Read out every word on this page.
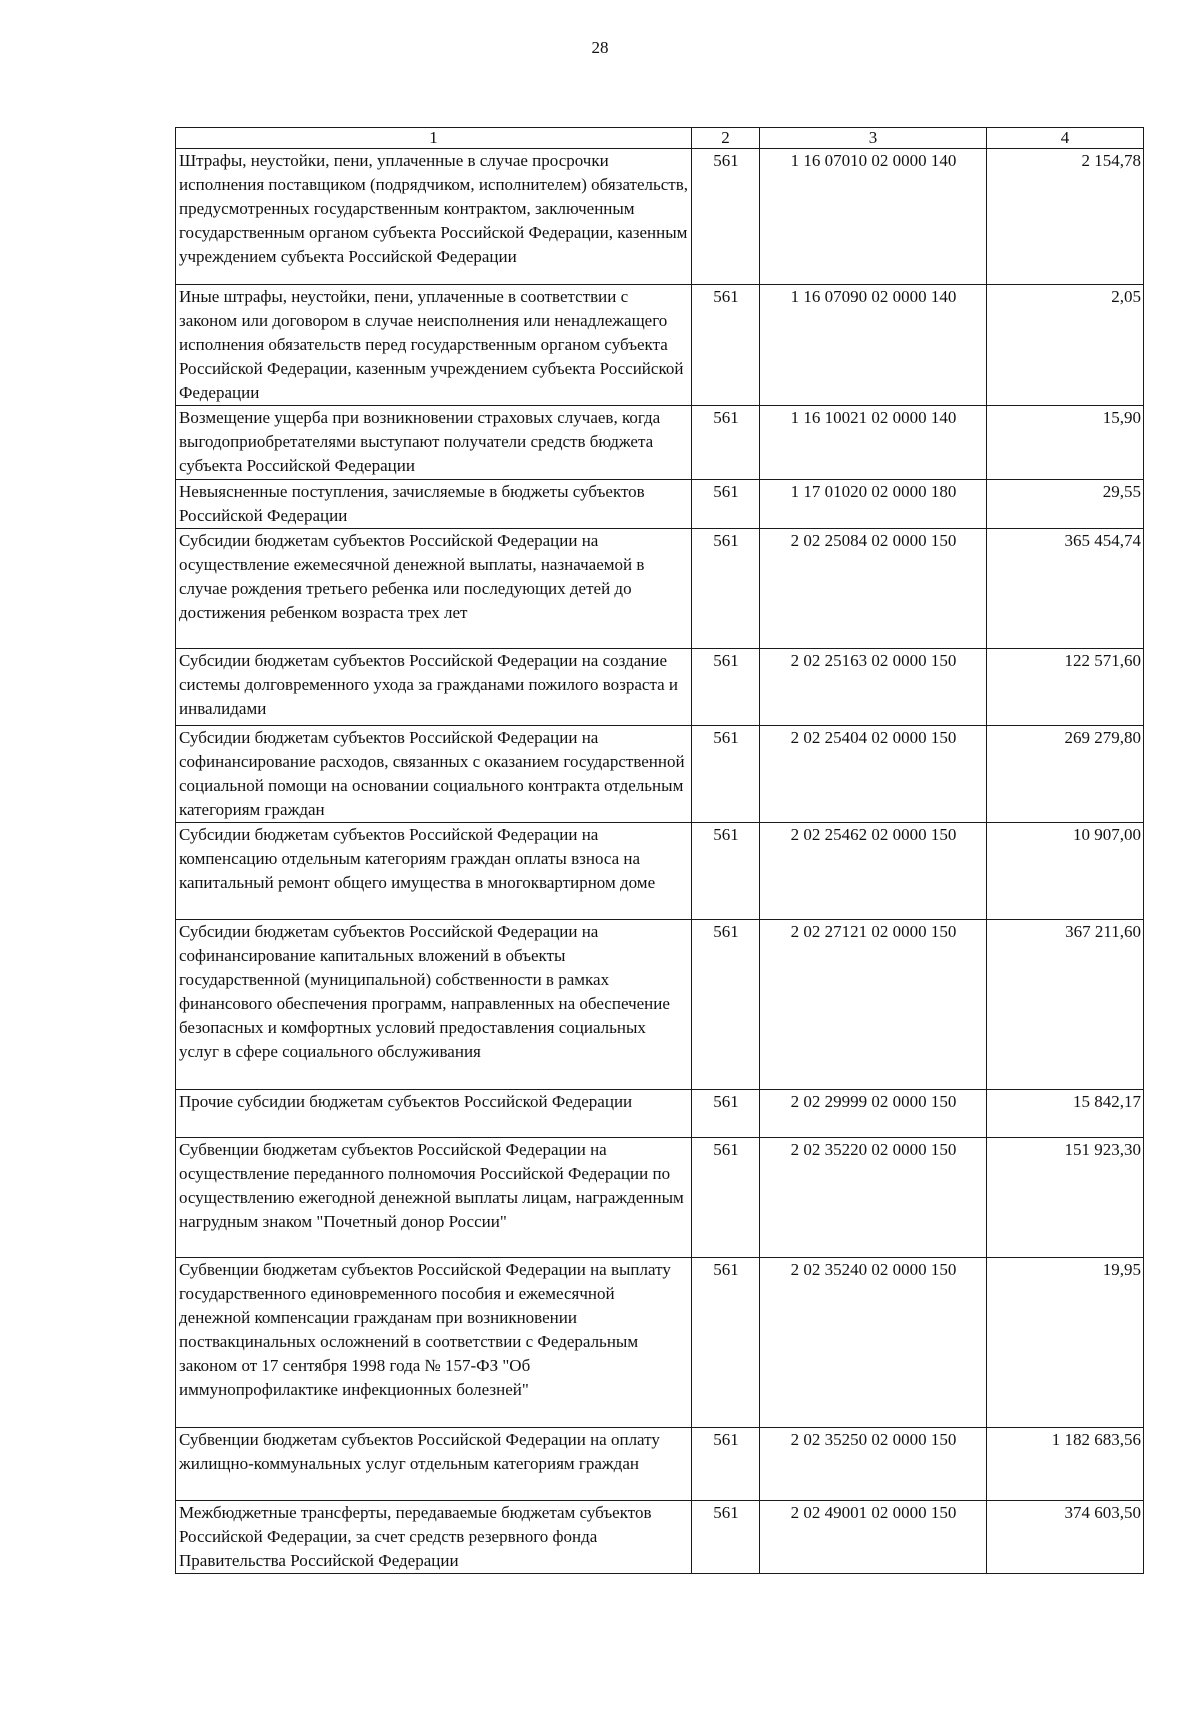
28
1	2	3	4
Штрафы, неустойки, пени, уплаченные в случае просрочки исполнения поставщиком (подрядчиком, исполнителем) обязательств, предусмотренных государственным контрактом, заключенным государственным органом субъекта Российской Федерации, казенным учреждением субъекта Российской Федерации	561	1 16 07010 02 0000 140	2 154,78
Иные штрафы, неустойки, пени, уплаченные в соответствии с законом или договором в случае неисполнения или ненадлежащего исполнения обязательств перед государственным органом субъекта Российской Федерации, казенным учреждением субъекта Российской Федерации	561	1 16 07090 02 0000 140	2,05
Возмещение ущерба при возникновении страховых случаев, когда выгодоприобретателями выступают получатели средств бюджета субъекта Российской Федерации	561	1 16 10021 02 0000 140	15,90
Невыясненные поступления, зачисляемые в бюджеты субъектов Российской Федерации	561	1 17 01020 02 0000 180	29,55
Субсидии бюджетам субъектов Российской Федерации на осуществление ежемесячной денежной выплаты, назначаемой в случае рождения третьего ребенка или последующих детей до достижения ребенком возраста трех лет	561	2 02 25084 02 0000 150	365 454,74
Субсидии бюджетам субъектов Российской Федерации на создание системы долговременного ухода за гражданами пожилого возраста и инвалидами	561	2 02 25163 02 0000 150	122 571,60
Субсидии бюджетам субъектов Российской Федерации на софинансирование расходов, связанных с оказанием государственной социальной помощи на основании социального контракта отдельным категориям граждан	561	2 02 25404 02 0000 150	269 279,80
Субсидии бюджетам субъектов Российской Федерации на компенсацию отдельным категориям граждан оплаты взноса на капитальный ремонт общего имущества в многоквартирном доме	561	2 02 25462 02 0000 150	10 907,00
Субсидии бюджетам субъектов Российской Федерации на софинансирование капитальных вложений в объекты государственной (муниципальной) собственности в рамках финансового обеспечения программ, направленных на обеспечение безопасных и комфортных условий предоставления социальных услуг в сфере социального обслуживания	561	2 02 27121 02 0000 150	367 211,60
Прочие субсидии бюджетам субъектов Российской Федерации	561	2 02 29999 02 0000 150	15 842,17
Субвенции бюджетам субъектов Российской Федерации на осуществление переданного полномочия Российской Федерации по осуществлению ежегодной денежной выплаты лицам, награжденным нагрудным знаком "Почетный донор России"	561	2 02 35220 02 0000 150	151 923,30
Субвенции бюджетам субъектов Российской Федерации на выплату государственного единовременного пособия и ежемесячной денежной компенсации гражданам при возникновении поствакцинальных осложнений в соответствии с Федеральным законом от 17 сентября 1998 года № 157-ФЗ "Об иммунопрофилактике инфекционных болезней"	561	2 02 35240 02 0000 150	19,95
Субвенции бюджетам субъектов Российской Федерации на оплату жилищно-коммунальных услуг отдельным категориям граждан	561	2 02 35250 02 0000 150	1 182 683,56
Межбюджетные трансферты, передаваемые бюджетам субъектов Российской Федерации, за счет средств резервного фонда Правительства Российской Федерации	561	2 02 49001 02 0000 150	374 603,50
